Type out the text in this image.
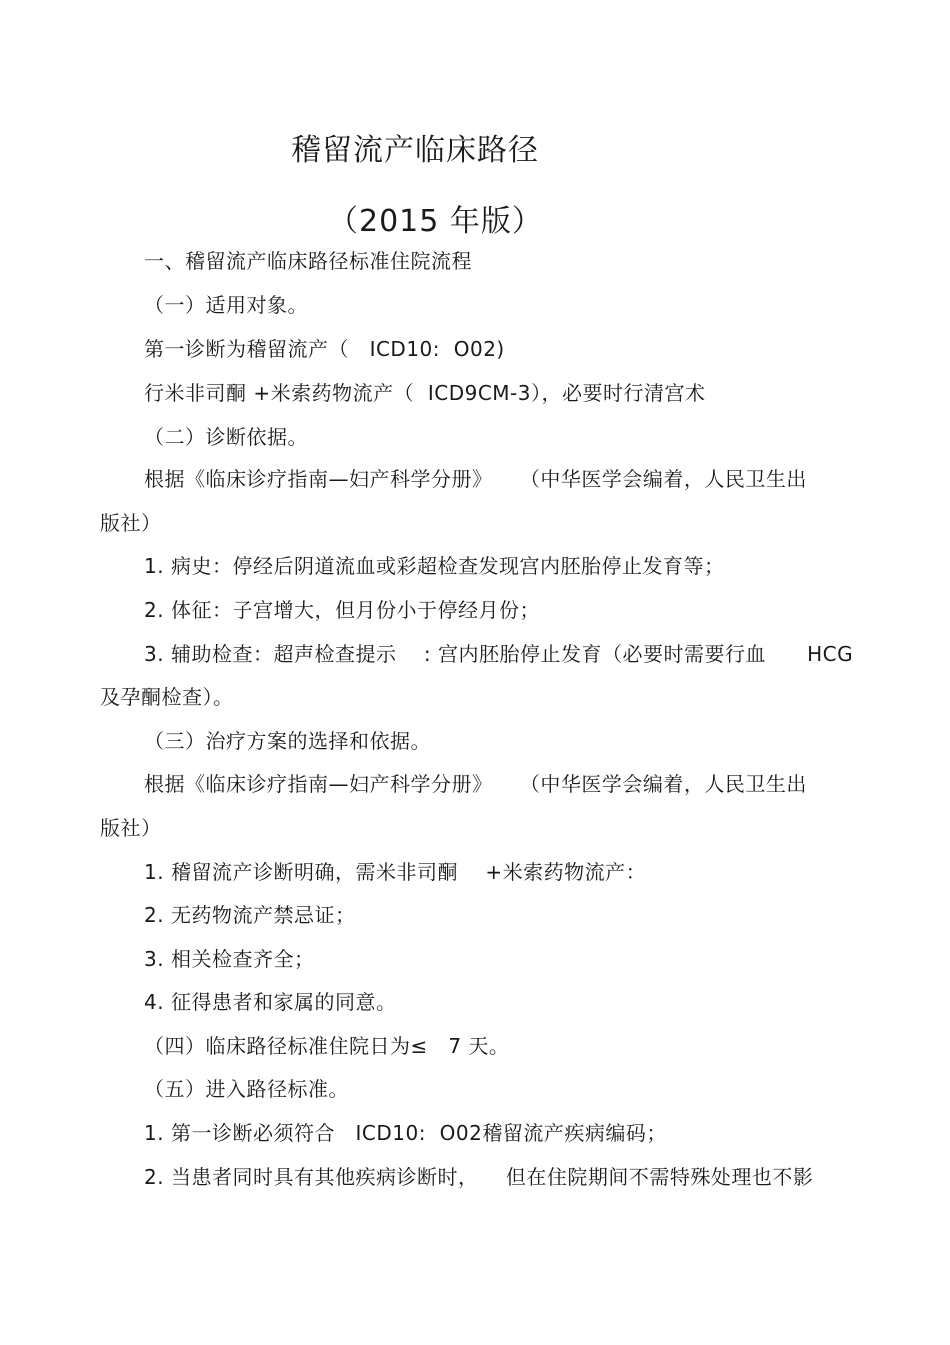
稽留流产临床路径
（2015 年版）
一、稽留流产临床路径标准住院流程
（一）适用对象。
第一诊断为稽留流产（   ICD10:  O02)
行米非司酮 +米索药物流产（  ICD9CM-3），必要时行清宫术
（二）诊断依据。
根据《临床诊疗指南—妇产科学分册》    （中华医学会编着，人民卫生出
版社）
1. 病史：停经后阴道流血或彩超检查发现宫内胚胎停止发育等；
2. 体征：子宫增大，但月份小于停经月份；
3. 辅助检查：超声检查提示    : 宫内胚胎停止发育（必要时需要行血      HCG
及孕酮检查）。
（三）治疗方案的选择和依据。
根据《临床诊疗指南—妇产科学分册》    （中华医学会编着，人民卫生出
版社）
1. 稽留流产诊断明确，需米非司酮    +米索药物流产：
2. 无药物流产禁忌证；
3. 相关检查齐全；
4. 征得患者和家属的同意。
（四）临床路径标准住院日为≤   7 天。
（五）进入路径标准。
1. 第一诊断必须符合   ICD10:  O02稽留流产疾病编码；
2. 当患者同时具有其他疾病诊断时，    但在住院期间不需特殊处理也不影
